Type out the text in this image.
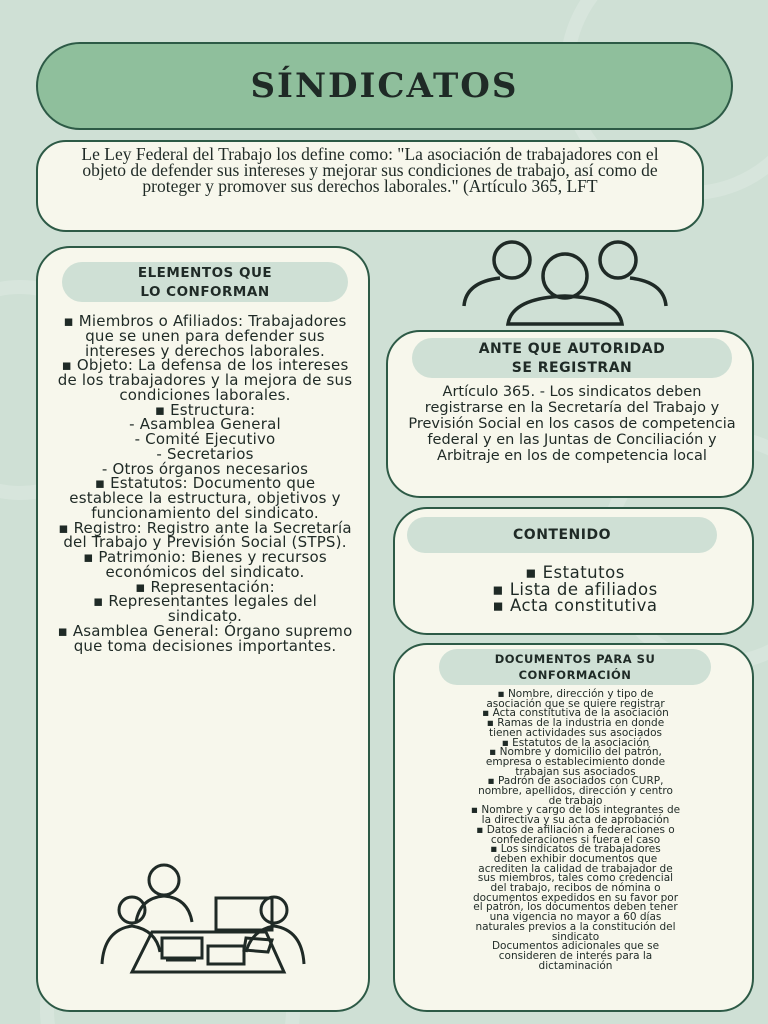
SÍNDICATOS

Le Ley Federal del Trabajo los define como: "La asociación de trabajadores con el objeto de defender sus intereses y mejorar sus condiciones de trabajo, así como de proteger y promover sus derechos laborales." (Artículo 365, LFT

ELEMENTOS QUE
LO CONFORMAN
▪ Miembros o Afiliados: Trabajadores que se unen para defender sus intereses y derechos laborales.
▪ Objeto: La defensa de los intereses de los trabajadores y la mejora de sus condiciones laborales.
▪ Estructura:
- Asamblea General
- Comité Ejecutivo
- Secretarios
- Otros órganos necesarios
▪ Estatutos: Documento que establece la estructura, objetivos y funcionamiento del sindicato.
▪ Registro: Registro ante la Secretaría del Trabajo y Previsión Social (STPS).
▪ Patrimonio: Bienes y recursos económicos del sindicato.
▪ Representación:
▪ Representantes legales del sindicato.
▪ Asamblea General: Órgano supremo que toma decisiones importantes.
ANTE QUE AUTORIDAD
SE REGISTRAN

Artículo 365. - Los sindicatos deben registrarse en la Secretaría del Trabajo y Previsión Social en los casos de competencia federal y en las Juntas de Conciliación y Arbitraje en los de competencia local

CONTENIDO
▪ Estatutos
▪ Lista de afiliados
▪ Acta constitutiva
DOCUMENTOS PARA SU
CONFORMACIÓN

▪ Nombre, dirección y tipo de
asociación que se quiere registrar
▪ Acta constitutiva de la asociación
▪ Ramas de la industria en donde
tienen actividades sus asociados
▪ Estatutos de la asociación
▪ Nombre y domicilio del patrón,
empresa o establecimiento donde
trabajan sus asociados
▪ Padrón de asociados con CURP,
nombre, apellidos, dirección y centro
de trabajo
▪ Nombre y cargo de los integrantes de
la directiva y su acta de aprobación
▪ Datos de afiliación a federaciones o
confederaciones si fuera el caso
▪ Los sindicatos de trabajadores
deben exhibir documentos que
acrediten la calidad de trabajador de
sus miembros, tales como credencial
del trabajo, recibos de nómina o
documentos expedidos en su favor por
el patrón, los documentos deben tener
una vigencia no mayor a 60 días
naturales previos a la constitución del
sindicato
Documentos adicionales que se
consideren de interés para la
dictaminación
